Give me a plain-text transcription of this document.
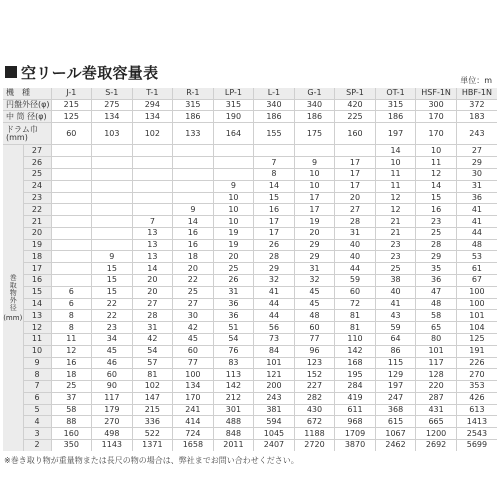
空リール巻取容量表	単位：m
機　種		J-1	S-1	T-1	R-1	LP-1	L-1	G-1	SP-1	OT-1	HSF-1N	HBF-1N
円盤外径(φ)		215	275	294	315	315	340	340	420	315	300	372
中 筒 径(φ)		125	134	134	186	190	186	186	225	186	170	183
ドラム巾(mm)		60	103	102	133	164	155	175	160	197	170	243
巻取物外径
(mm)	27									14	10	27
	26						7	9	17	10	11	29
	25						8	10	17	11	12	30
	24					9	14	10	17	11	14	31
	23					10	15	17	20	12	15	36
	22				9	10	16	17	27	12	16	41
	21			7	14	10	17	19	28	21	23	41
	20			13	16	19	17	20	31	21	25	44
	19			13	16	19	26	29	40	23	28	48
	18		9	13	18	20	28	29	40	23	29	53
	17		15	14	20	25	29	31	44	25	35	61
	16		15	20	22	26	32	32	59	38	36	67
	15	6	15	20	25	31	41	45	60	40	47	100
	14	6	22	27	27	36	44	45	72	41	48	100
	13	8	22	28	30	36	44	48	81	43	58	101
	12	8	23	31	42	51	56	60	81	59	65	104
	11	11	34	42	45	54	73	77	110	64	80	125
	10	12	45	54	60	76	84	96	142	86	101	191
	9	16	46	57	77	83	101	123	168	115	117	226
	8	18	60	81	100	113	121	152	195	129	128	270
	7	25	90	102	134	142	200	227	284	197	220	353
	6	37	117	147	170	212	243	282	419	247	287	426
	5	58	179	215	241	301	381	430	611	368	431	613
	4	88	270	336	414	488	594	672	968	615	665	1413
	3	160	498	522	724	848	1045	1188	1709	1067	1200	2543
	2	350	1143	1371	1658	2011	2407	2720	3870	2462	2692	5699
※巻き取り物が重量物または長尺の物の場合は、弊社までお問い合わせください。
